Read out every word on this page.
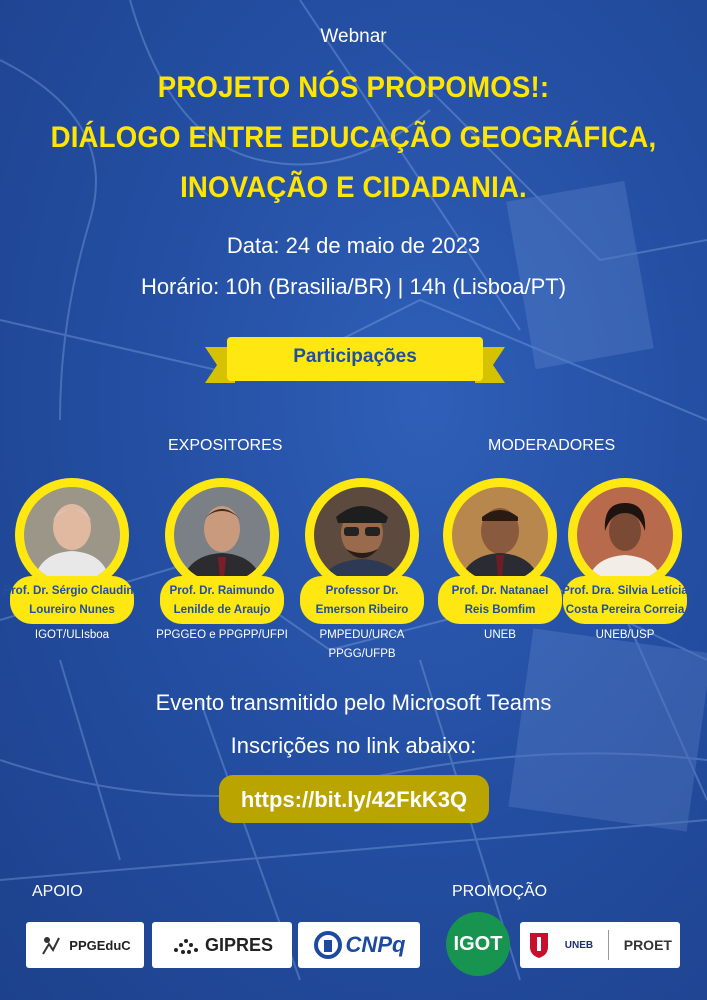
Webnar
PROJETO NÓS PROPOMOS!:
DIÁLOGO ENTRE EDUCAÇÃO GEOGRÁFICA,
INOVAÇÃO E CIDADANIA.
Data: 24 de maio de 2023
Horário: 10h (Brasilia/BR) | 14h (Lisboa/PT)
Participações
EXPOSITORES	MODERADORES
Prof. Dr. Sérgio Claudino
Loureiro Nunes
IGOT/ULIsboa
Prof. Dr. Raimundo
Lenilde de Araujo
PPGGEO e PPGPP/UFPI
Professor Dr.
Emerson Ribeiro
PMPEDU/URCA
PPGG/UFPB
Prof. Dr. Natanael
Reis Bomfim
UNEB
Prof. Dra. Silvia Letícia
Costa Pereira Correia
UNEB/USP
Evento transmitido pelo Microsoft Teams
Inscrições no link abaixo:
https://bit.ly/42FkK3Q
APOIO	PROMOÇÃO
PPGEduC	GIPRES	CNPq IGOT	UNEB PROET
